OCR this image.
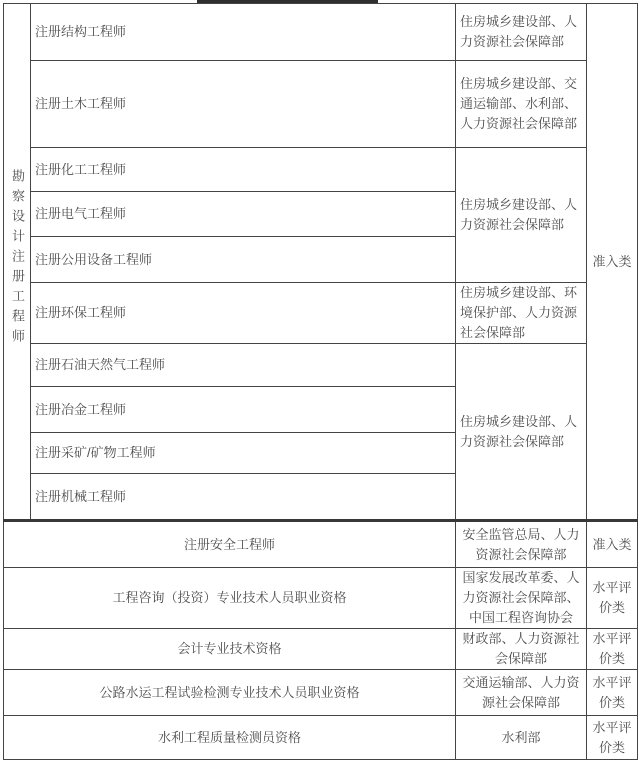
勘察设计注册工程师	注册结构工程师	住房城乡建设部、人力资源社会保障部	准入类
	注册土木工程师	住房城乡建设部、交通运输部、水利部、人力资源社会保障部	
	注册化工工程师	住房城乡建设部、人力资源社会保障部	
	注册电气工程师		
	注册公用设备工程师		
	注册环保工程师	住房城乡建设部、环境保护部、人力资源社会保障部	
	注册石油天然气工程师	住房城乡建设部、人力资源社会保障部	
	注册冶金工程师		
	注册采矿/矿物工程师		
	注册机械工程师		
注册安全工程师		安全监管总局、人力资源社会保障部	准入类
工程咨询（投资）专业技术人员职业资格		国家发展改革委、人力资源社会保障部、中国工程咨询协会	水平评价类
会计专业技术资格		财政部、人力资源社会保障部	水平评价类
公路水运工程试验检测专业技术人员职业资格		交通运输部、人力资源社会保障部	水平评价类
水利工程质量检测员资格		水利部	水平评价类
